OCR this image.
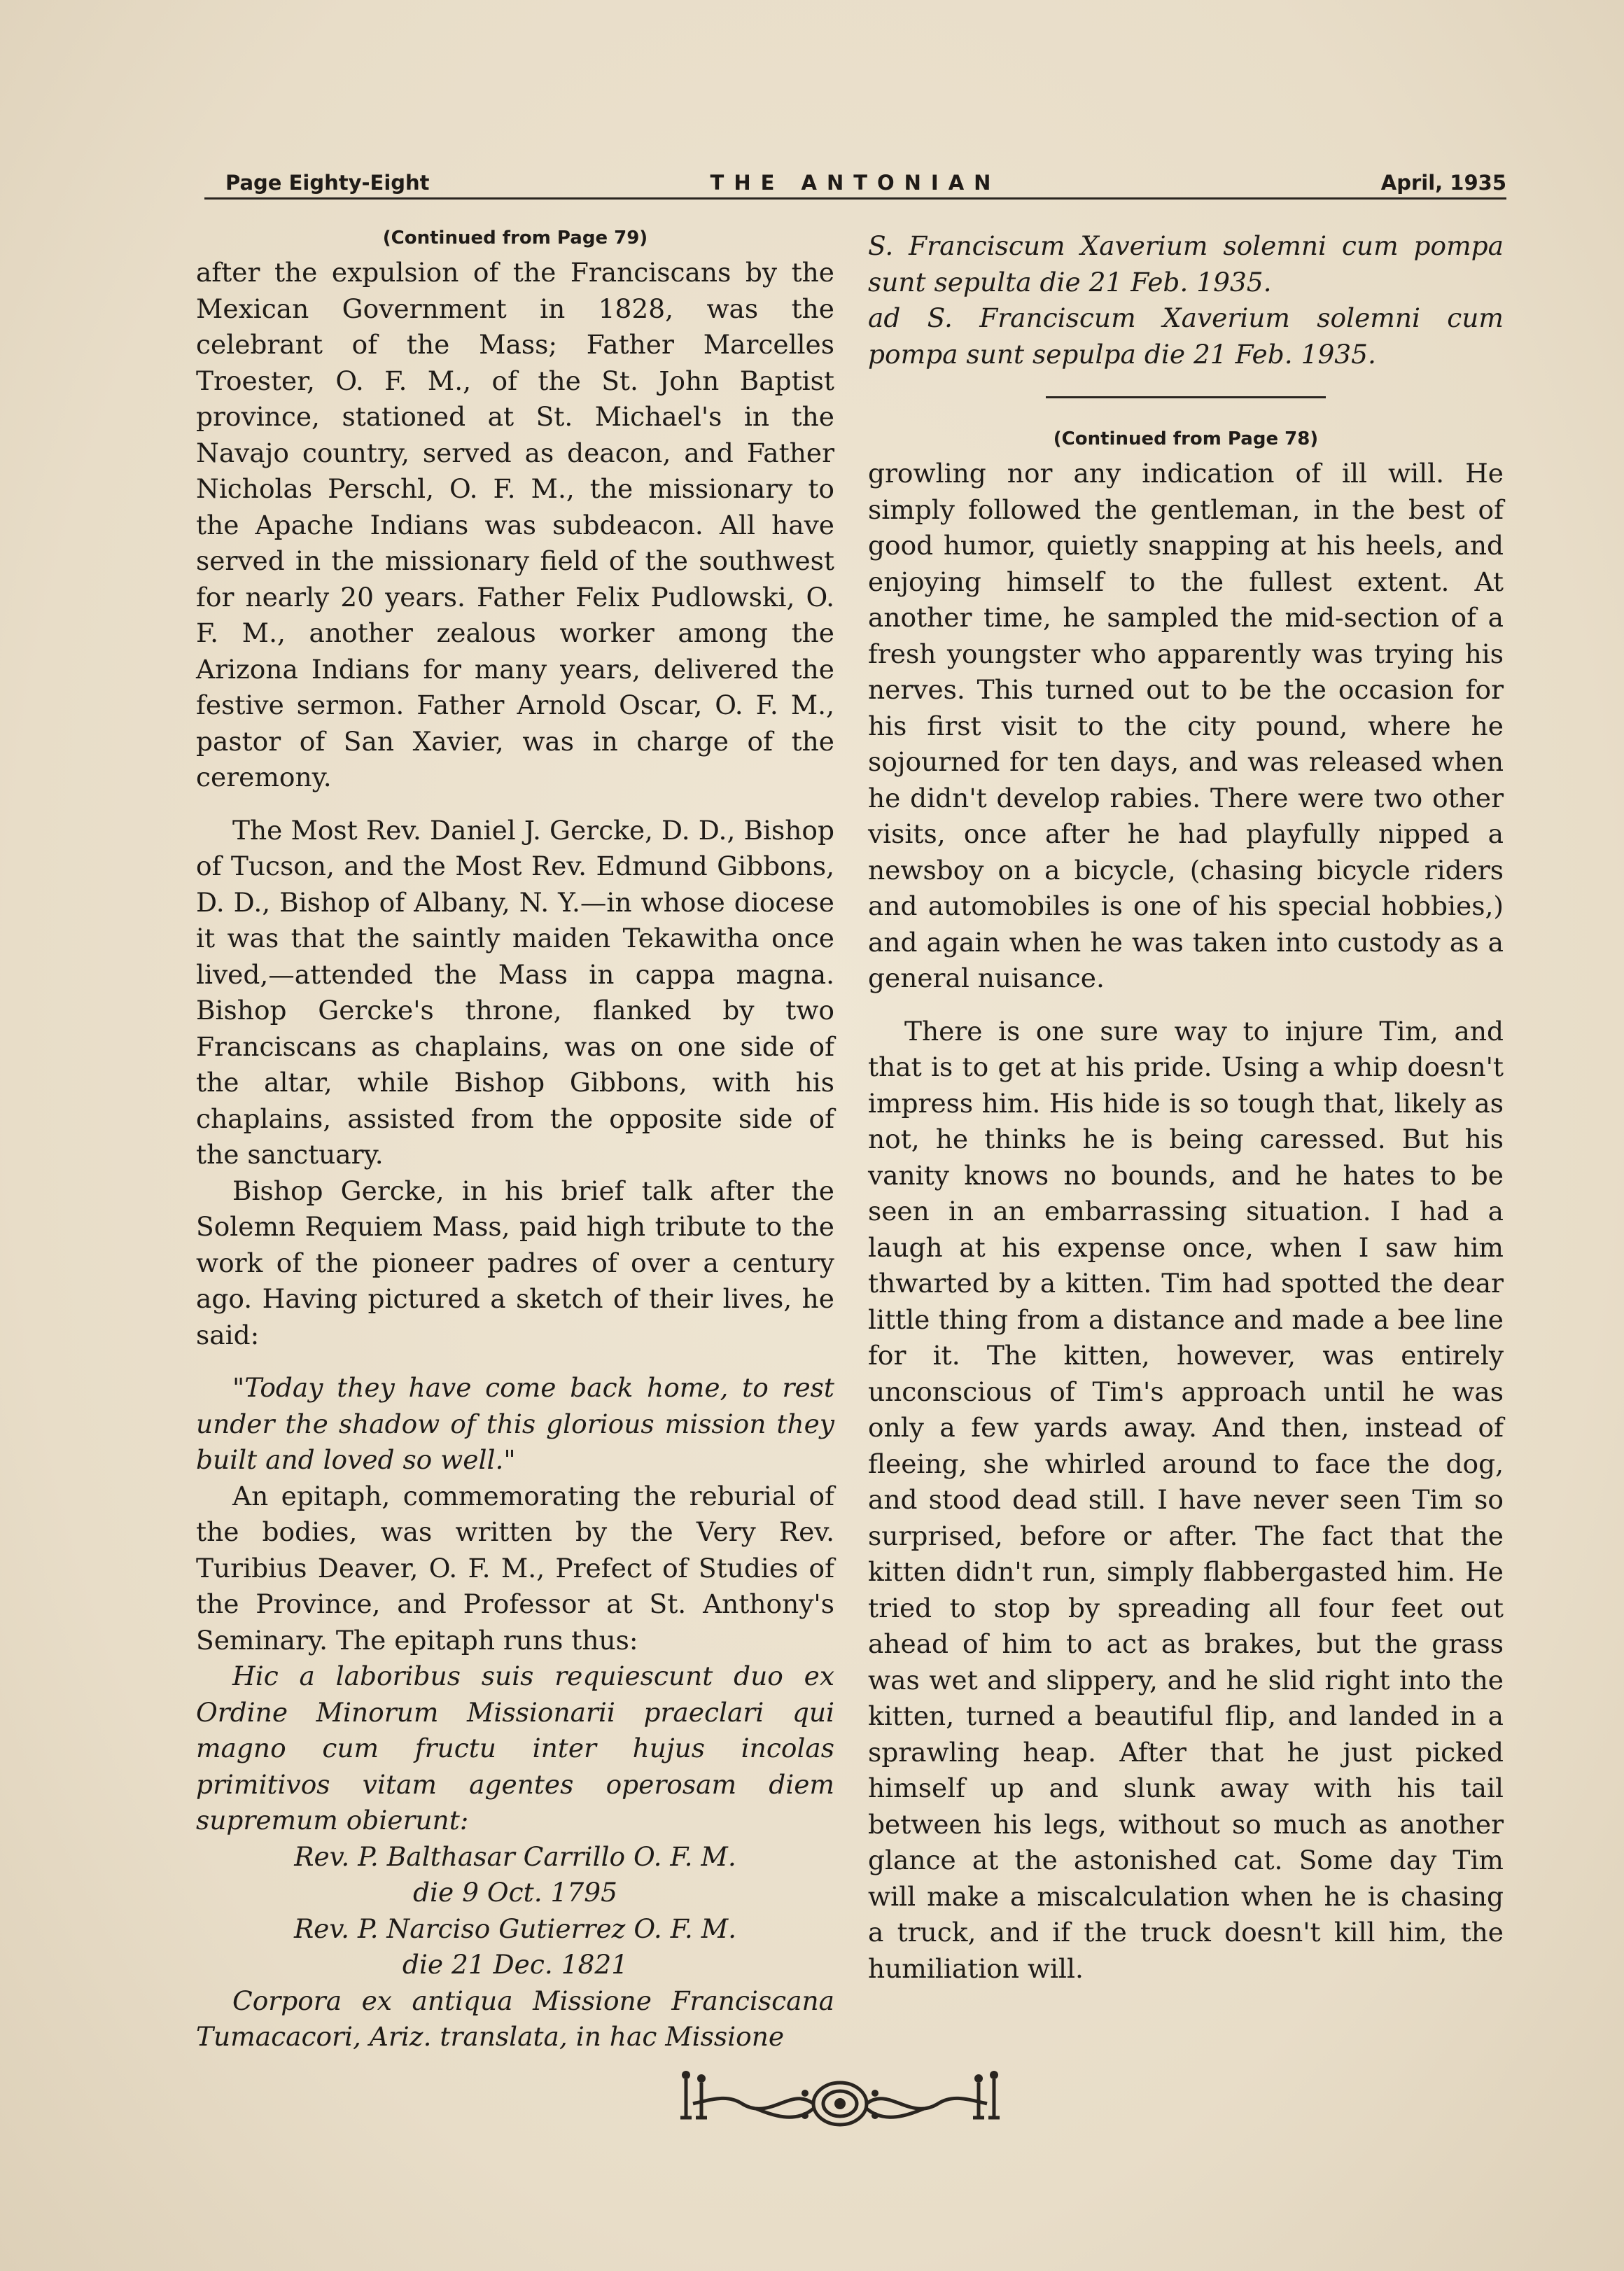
Page Eighty-Eight	THE ANTONIAN	April, 1935
(Continued from Page 79)

after the expulsion of the Franciscans by the Mexican Government in 1828, was the celebrant of the Mass; Father Marcelles Troester, O. F. M., of the St. John Baptist province, stationed at St. Michael's in the Navajo country, served as deacon, and Father Nicholas Perschl, O. F. M., the missionary to the Apache Indians was subdeacon. All have served in the missionary field of the southwest for nearly 20 years. Father Felix Pudlowski, O. F. M., another zealous worker among the Arizona Indians for many years, delivered the festive sermon. Father Arnold Oscar, O. F. M., pastor of San Xavier, was in charge of the ceremony.

The Most Rev. Daniel J. Gercke, D. D., Bishop of Tucson, and the Most Rev. Edmund Gibbons, D. D., Bishop of Albany, N. Y.—in whose diocese it was that the saintly maiden Tekawitha once lived,—attended the Mass in cappa magna. Bishop Gercke's throne, flanked by two Franciscans as chaplains, was on one side of the altar, while Bishop Gibbons, with his chaplains, assisted from the opposite side of the sanctuary.

Bishop Gercke, in his brief talk after the Solemn Requiem Mass, paid high tribute to the work of the pioneer padres of over a century ago. Having pictured a sketch of their lives, he said:

"Today they have come back home, to rest under the shadow of this glorious mission they built and loved so well."

An epitaph, commemorating the reburial of the bodies, was written by the Very Rev. Turibius Deaver, O. F. M., Prefect of Studies of the Province, and Professor at St. Anthony's Seminary. The epitaph runs thus:

Hic a laboribus suis requiescunt duo ex Ordine Minorum Missionarii praeclari qui magno cum fructu inter hujus incolas primitivos vitam agentes operosam diem supremum obierunt:

Rev. P. Balthasar Carrillo O. F. M.

die 9 Oct. 1795

Rev. P. Narciso Gutierrez O. F. M.

die 21 Dec. 1821

Corpora ex antiqua Missione Franciscana Tumacacori, Ariz. translata, in hac Missione

S. Franciscum Xaverium solemni cum pompa sunt sepulta die 21 Feb. 1935.

ad S. Franciscum Xaverium solemni cum pompa sunt sepulpa die 21 Feb. 1935.

(Continued from Page 78)

growling nor any indication of ill will. He simply followed the gentleman, in the best of good humor, quietly snapping at his heels, and enjoying himself to the fullest extent. At another time, he sampled the mid-section of a fresh youngster who apparently was trying his nerves. This turned out to be the occasion for his first visit to the city pound, where he sojourned for ten days, and was released when he didn't develop rabies. There were two other visits, once after he had playfully nipped a newsboy on a bicycle, (chasing bicycle riders and automobiles is one of his special hobbies,) and again when he was taken into custody as a general nuisance.

There is one sure way to injure Tim, and that is to get at his pride. Using a whip doesn't impress him. His hide is so tough that, likely as not, he thinks he is being caressed. But his vanity knows no bounds, and he hates to be seen in an embarrassing situation. I had a laugh at his expense once, when I saw him thwarted by a kitten. Tim had spotted the dear little thing from a distance and made a bee line for it. The kitten, however, was entirely unconscious of Tim's approach until he was only a few yards away. And then, instead of fleeing, she whirled around to face the dog, and stood dead still. I have never seen Tim so surprised, before or after. The fact that the kitten didn't run, simply flabbergasted him. He tried to stop by spreading all four feet out ahead of him to act as brakes, but the grass was wet and slippery, and he slid right into the kitten, turned a beautiful flip, and landed in a sprawling heap. After that he just picked himself up and slunk away with his tail between his legs, without so much as another glance at the astonished cat. Some day Tim will make a miscalculation when he is chasing a truck, and if the truck doesn't kill him, the humiliation will.
